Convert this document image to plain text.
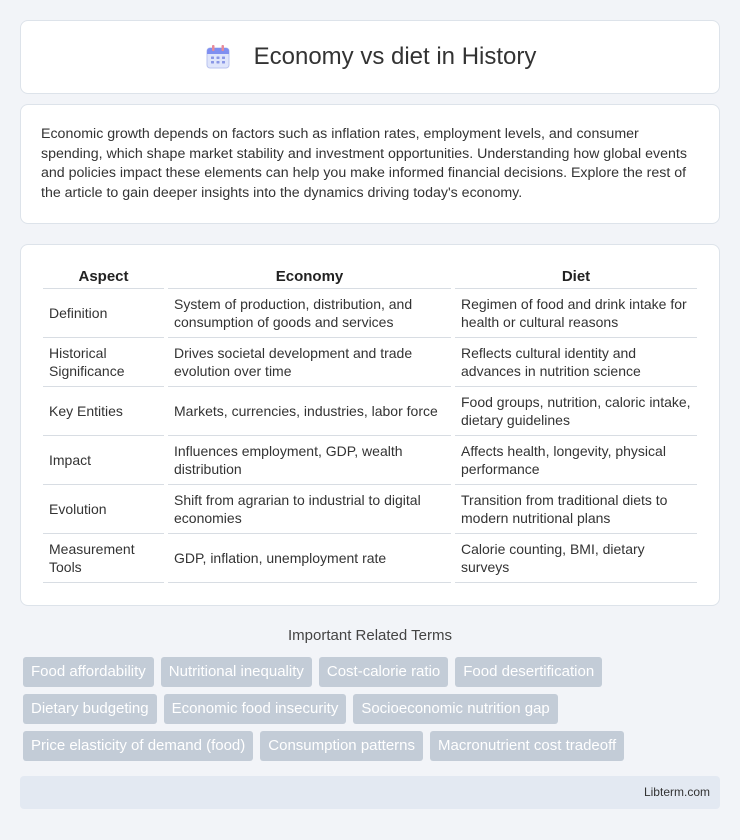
Economy vs diet in History

Economic growth depends on factors such as inflation rates, employment levels, and consumer spending, which shape market stability and investment opportunities. Understanding how global events and policies impact these elements can help you make informed financial decisions. Explore the rest of the article to gain deeper insights into the dynamics driving today's economy.

Aspect	Economy	Diet
Definition	System of production, distribution, and consumption of goods and services	Regimen of food and drink intake for health or cultural reasons
Historical Significance	Drives societal development and trade evolution over time	Reflects cultural identity and advances in nutrition science
Key Entities	Markets, currencies, industries, labor force	Food groups, nutrition, caloric intake, dietary guidelines
Impact	Influences employment, GDP, wealth distribution	Affects health, longevity, physical performance
Evolution	Shift from agrarian to industrial to digital economies	Transition from traditional diets to modern nutritional plans
Measurement Tools	GDP, inflation, unemployment rate	Calorie counting, BMI, dietary surveys
Important Related Terms
Food affordability	Nutritional inequality	Cost-calorie ratio	Food desertification
Dietary budgeting	Economic food insecurity	Socioeconomic nutrition gap
Price elasticity of demand (food)	Consumption patterns	Macronutrient cost tradeoff
Libterm.com
